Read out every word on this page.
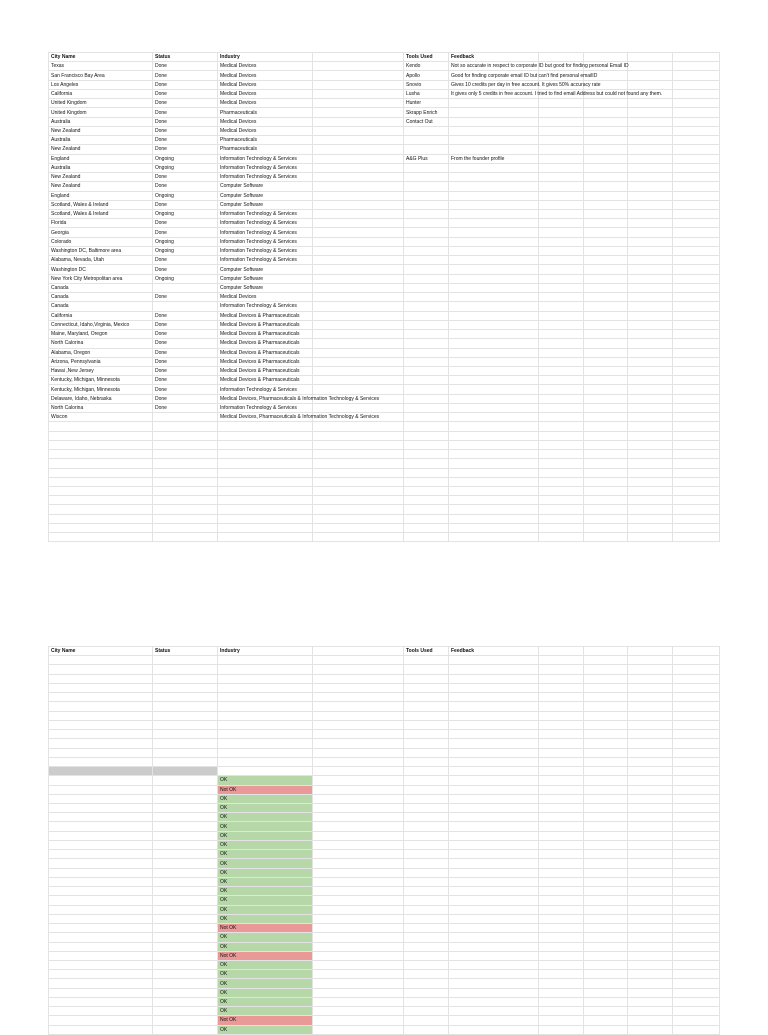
City Name	Status	Industry		Tools Used	Feedback				
Texas	Done	Medical Devices		Kendo	Not so accurate in respect to corporate ID but good for finding personal Email ID				
San Francisco Bay Area	Done	Medical Devices		Apollo	Good for finding corporate email ID but can't find personal emailID				
Los Angeles	Done	Medical Devices		Snovio	Gives 10 credits per day in free account. It gives 50% accuracy rate				
California	Done	Medical Devices		Lusha	It gives only 5 credits in free account. I tried to find email Address but could not found any them.				
United Kingdom	Done	Medical Devices		Hunter					
United Kingdom	Done	Pharmaceuticals		Skrapp Enrich					
Australia	Done	Medical Devices		Contact Out					
New Zealand	Done	Medical Devices							
Australia	Done	Pharmaceuticals							
New Zealand	Done	Pharmaceuticals							
England	Ongoing	Information Technology & Services		A&G Plus	From the founder profile				
Australia	Ongoing	Information Technology & Services							
New Zealand	Done	Information Technology & Services							
New Zealand	Done	Computer Software							
England	Ongoing	Computer Software							
Scotland, Wales & Ireland	Done	Computer Software							
Scotland, Wales & Ireland	Ongoing	Information Technology & Services							
Florida	Done	Information Technology & Services							
Georgia	Done	Information Technology & Services							
Colorado	Ongoing	Information Technology & Services							
Washington DC, Baltimore area	Ongoing	Information Technology & Services							
Alabama, Nevada, Utah	Done	Information Technology & Services							
Washington DC	Done	Computer Software							
New York City Metropolitan area	Ongoing	Computer Software							
Canada		Computer Software							
Canada	Done	Medical Devices							
Canada		Information Technology & Services							
California	Done	Medical Devices & Pharmaceuticals							
Connecticut, Idaho,Virginia, Mexico	Done	Medical Devices & Pharmaceuticals							
Maine, Maryland, Oregon	Done	Medical Devices & Pharmaceuticals							
North Calorina	Done	Medical Devices & Pharmaceuticals							
Alabama, Oregon	Done	Medical Devices & Pharmaceuticals							
Arizona, Pennsylvania	Done	Medical Devices & Pharmaceuticals							
Hawai ,New Jersey	Done	Medical Devices & Pharmaceuticals							
Kentucky, Michigan, Minnesota	Done	Medical Devices & Pharmaceuticals							
Kentucky, Michigan, Minnesota	Done	Information Technology & Services							
Delaware, Idaho, Nebraska	Done	Medical Devices, Pharmaceuticals & Information Technology & Services							
North Calorina	Done	Information Technology & Services							
Wiscon		Medical Devices, Pharmaceuticals & Information Technology & Services							

City Name	Status	Industry		Tools Used	Feedback				

		OK							
		Not OK							
		OK							
		OK							
		OK							
		OK							
		OK							
		OK							
		OK							
		OK							
		OK							
		OK							
		OK							
		OK							
		OK							
		OK							
		Not OK							
		OK							
		OK							
		Not OK							
		OK							
		OK							
		OK							
		OK							
		OK							
		OK							
		Not OK							
		OK							
